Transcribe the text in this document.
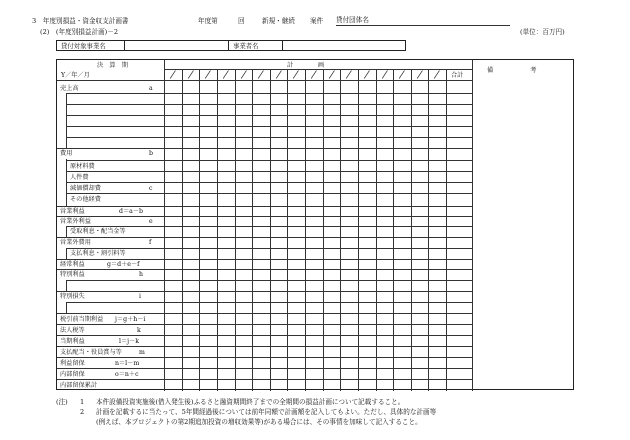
3　年度別損益・資金収支計画書	年度第	回	新規・継続 案件 貸付団体名
(2)　(年度別損益計画)－2	(単位：百万円)
貸付対象事業名	事業者名
決　算　期
Y／年／月
計　　　　画
合計
備　　　　　　考
売上高	a
費用	b
原材料費
人件費
減価償却費	c
その他経費
営業利益	d＝a－b
営業外利益	e
受取利息・配当金等
営業外費用	f
支払利息・割引料等
経常利益	g＝d＋e－f
特別利益	h
特別損失	i
税引前当期利益 j＝g＋h－i
法人税等	k
当期利益	l＝j－k
支払配当・役員賞与等	m
利益留保	n＝l－m
内部留保	o＝n＋c
内部留保累計
(注) 1 本件設備投資実施後(借入発生後)ふるさと融資期間終了までの全期間の損益計画について記載すること。
2 計画を記載するに当たって、5年間経過後については前年同額で計画額を記入してもよい。ただし、具体的な計画等
(例えば、本プロジェクトの第2期追加投資の増収効果等)がある場合には、その事情を加味して記入すること。
